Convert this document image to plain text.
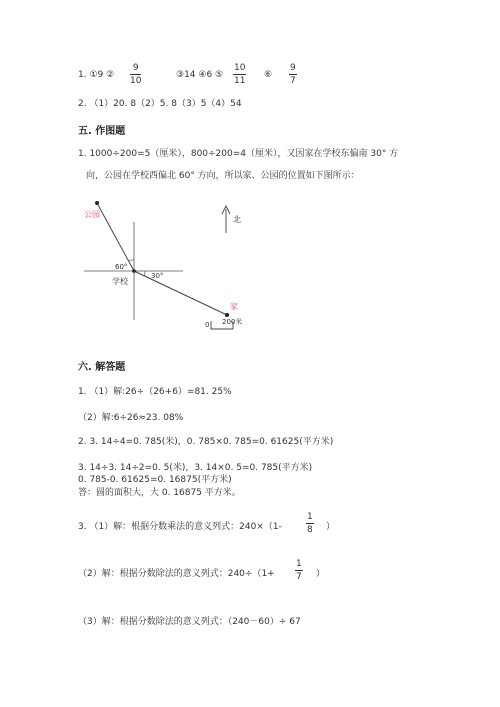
1. ①9 ②
9
10
③14 ④6 ⑤
10
11
⑥
9
7
2. （1）20. 8（2）5. 8（3）5（4）54
五. 作图题
1. 1000÷200=5（厘米），800÷200=4（厘米），又因家在学校东偏南 30° 方
向，公园在学校西偏北 60° 方向，所以家、公园的位置如下图所示：
公园
学校
家
北
60°
30°
0 200米
六. 解答题
1. （1）解:26÷（26+6）=81. 25%
（2）解:6÷26≈23. 08%
2. 3. 14÷4=0. 785(米)，0. 785×0. 785=0. 61625(平方米)
3. 14÷3. 14÷2=0. 5(米)，3. 14×0. 5=0. 785(平方米)
0. 785-0. 61625=0. 16875(平方米)
答：圆的面积大，大 0. 16875 平方米。
3. （1）解：根据分数乘法的意义列式：240×（1-
1
8 ）
（2）解：根据分数除法的意义列式：240÷（1+
1
7 ）
（3）解：根据分数除法的意义列式：（240－60）÷ 67
